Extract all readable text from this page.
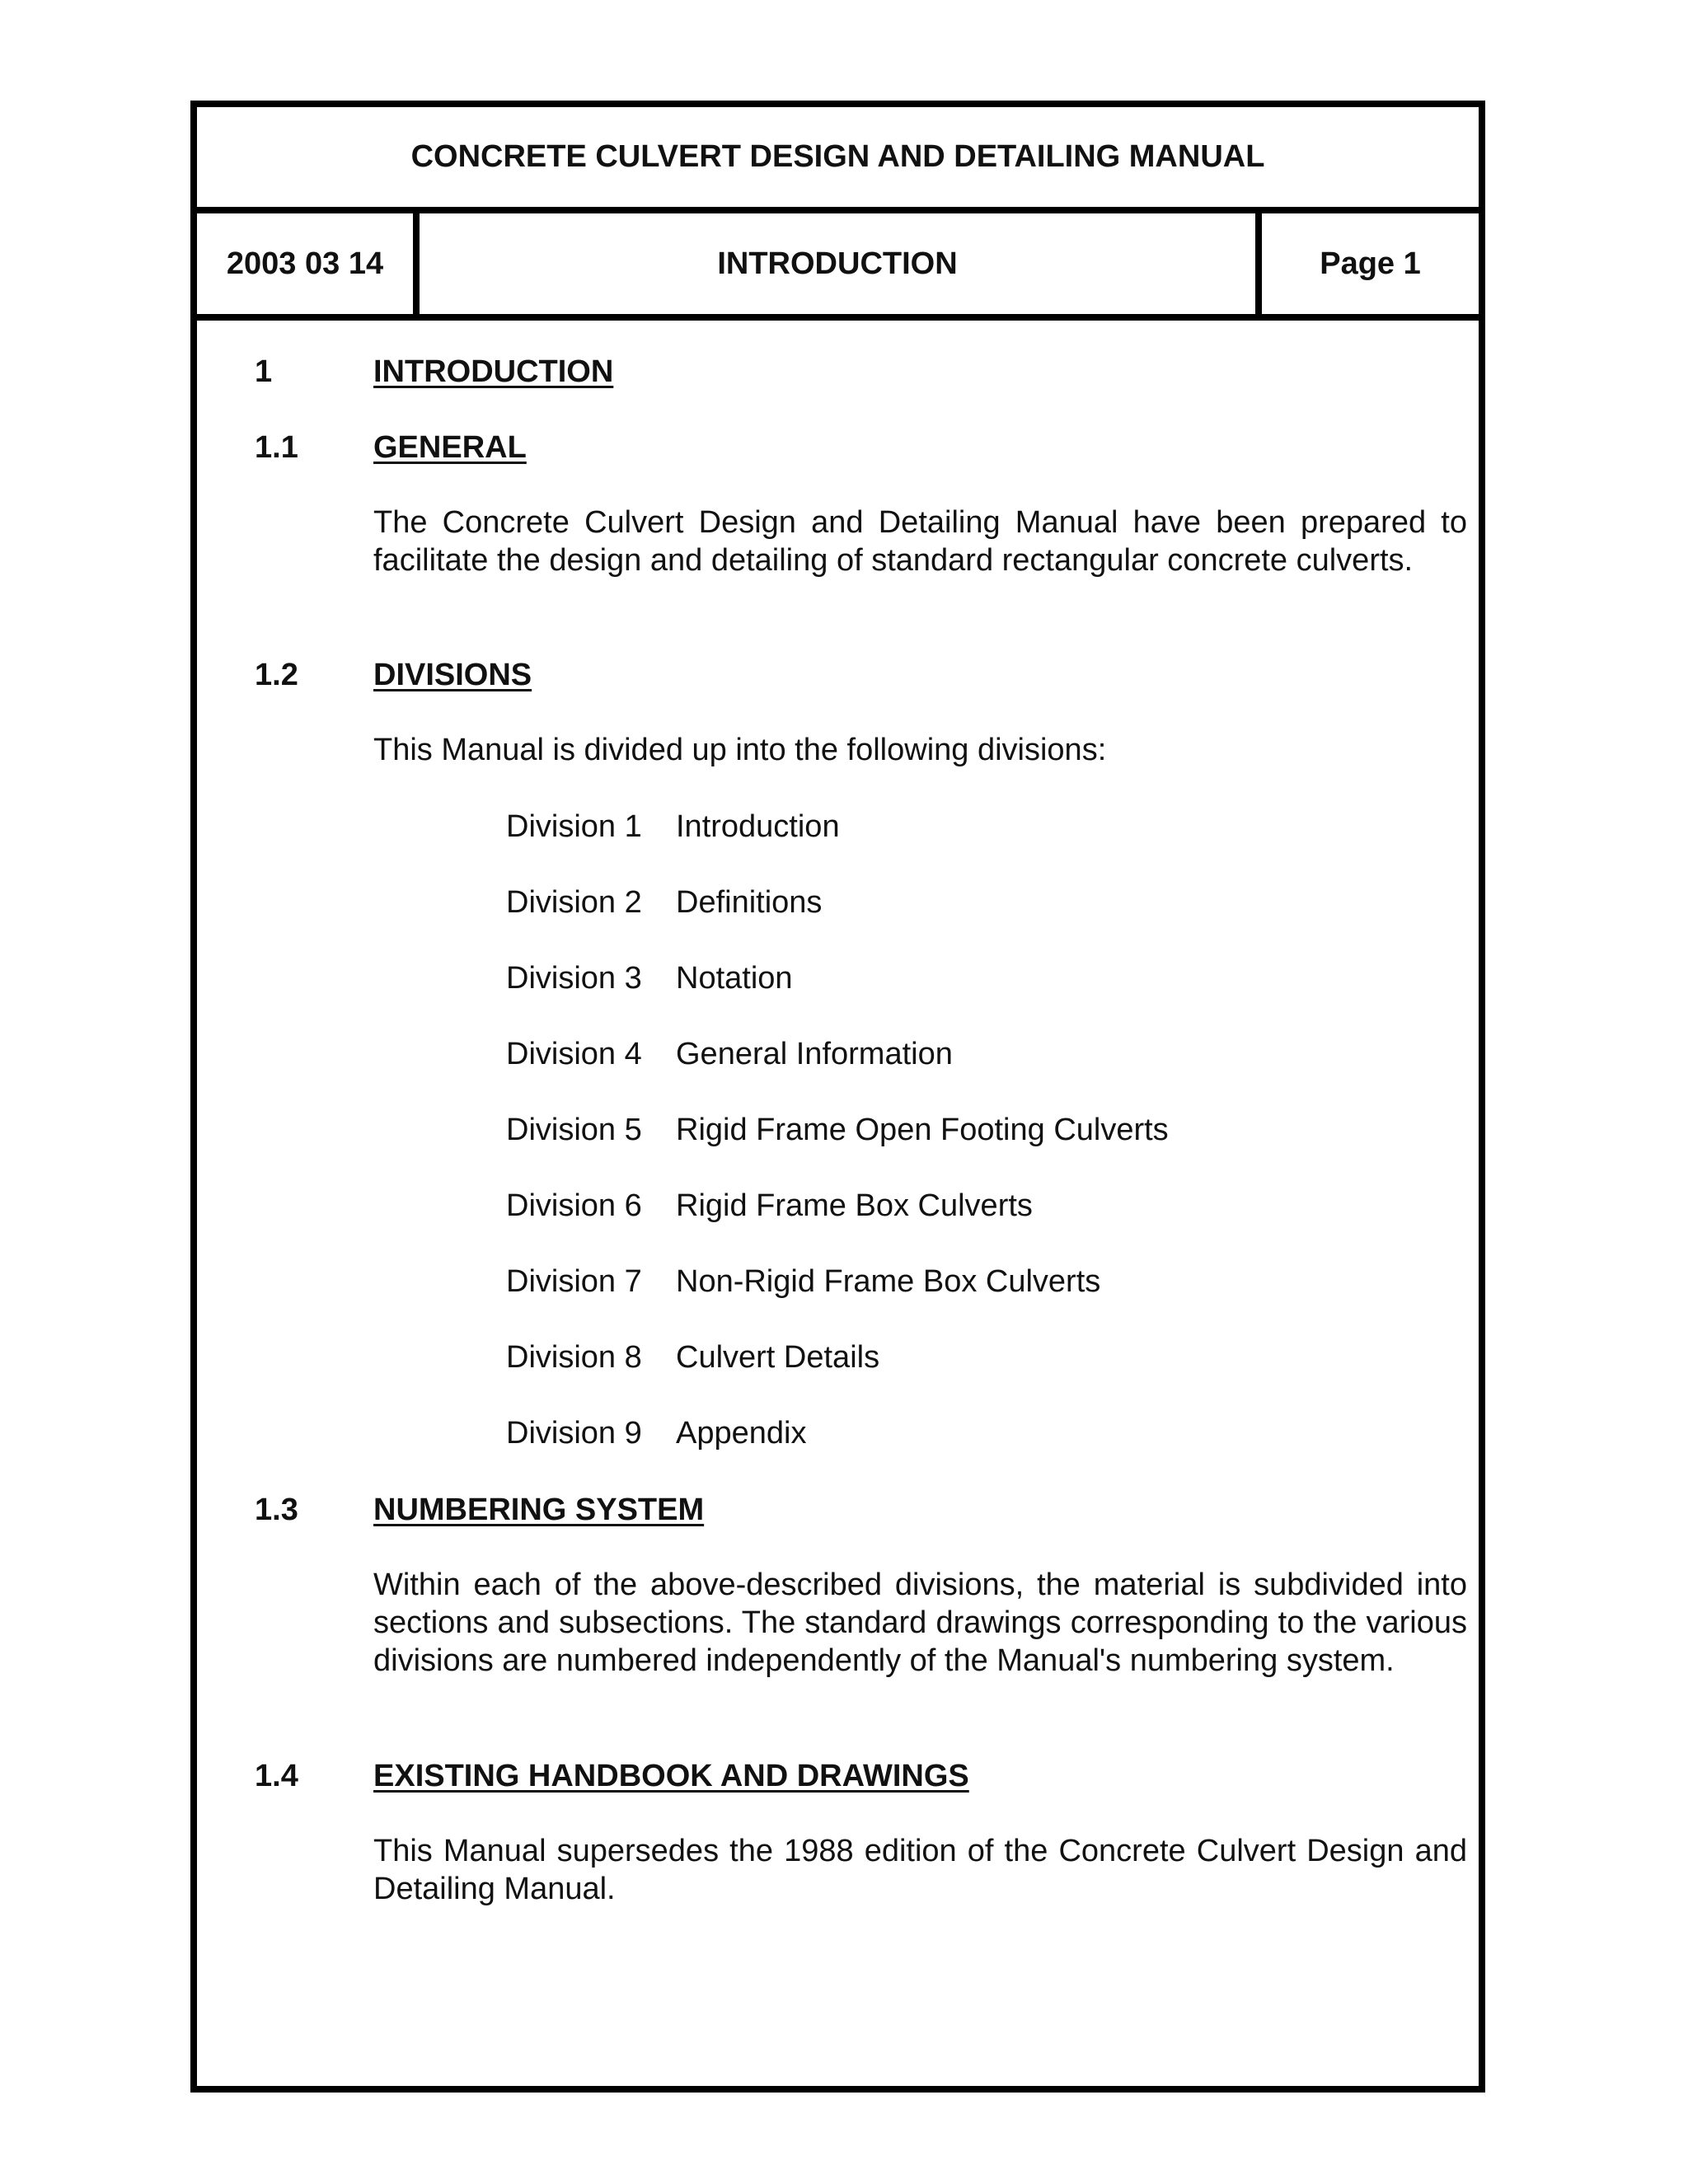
CONCRETE CULVERT DESIGN AND DETAILING MANUAL
2003 03 14	INTRODUCTION	Page 1
1	INTRODUCTION
1.1 GENERAL

The Concrete Culvert Design and Detailing Manual have been prepared to facilitate the design and detailing of standard rectangular concrete culverts.

1.2 DIVISIONS

This Manual is divided up into the following divisions:

Division 1 Introduction
Division 2 Definitions
Division 3 Notation
Division 4 General Information
Division 5 Rigid Frame Open Footing Culverts
Division 6 Rigid Frame Box Culverts
Division 7 Non-Rigid Frame Box Culverts
Division 8 Culvert Details
Division 9 Appendix
1.3 NUMBERING SYSTEM

Within each of the above-described divisions, the material is subdivided into sections and subsections. The standard drawings corresponding to the various divisions are numbered independently of the Manual's numbering system.

1.4 EXISTING HANDBOOK AND DRAWINGS

This Manual supersedes the 1988 edition of the Concrete Culvert Design and Detailing Manual.
